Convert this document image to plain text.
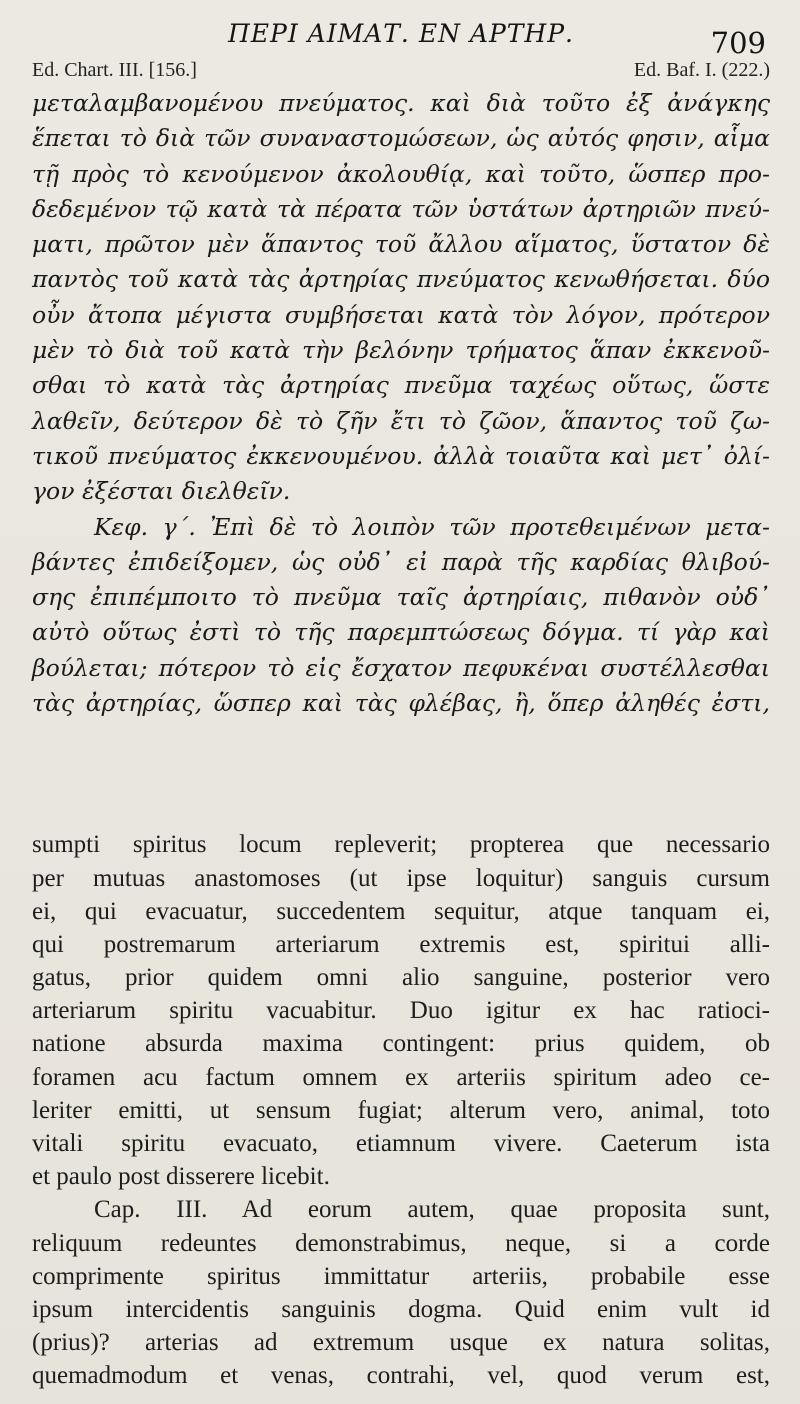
ΠΕΡΙ ΑΙΜΑΤ. ΕΝ ΑΡΤΗΡ.	709
Ed. Chart. III. [156.]	Ed. Baf. I. (222.)
μεταλαμβανομένου πνεύματος. καὶ διὰ τοῦτο ἐξ ἀνάγκης
ἕπεται τὸ διὰ τῶν συναναστομώσεων, ὡς αὐτός φησιν, αἷμα
τῇ πρὸς τὸ κενούμενον ἀκολουθίᾳ, καὶ τοῦτο, ὥσπερ προ-
δεδεμένον τῷ κατὰ τὰ πέρατα τῶν ὑστάτων ἀρτηριῶν πνεύ-
ματι, πρῶτον μὲν ἅπαντος τοῦ ἄλλου αἵματος, ὕστατον δὲ
παντὸς τοῦ κατὰ τὰς ἀρτηρίας πνεύματος κενωθήσεται. δύο
οὖν ἄτοπα μέγιστα συμβήσεται κατὰ τὸν λόγον, πρότερον
μὲν τὸ διὰ τοῦ κατὰ τὴν βελόνην τρήματος ἅπαν ἐκκενοῦ-
σθαι τὸ κατὰ τὰς ἀρτηρίας πνεῦμα ταχέως οὕτως, ὥστε
λαθεῖν, δεύτερον δὲ τὸ ζῆν ἔτι τὸ ζῶον, ἅπαντος τοῦ ζω-
τικοῦ πνεύματος ἐκκενουμένου. ἀλλὰ τοιαῦτα καὶ μετ᾽ ὀλί-
γον ἐξέσται διελθεῖν.
Κεφ. γ΄. Ἐπὶ δὲ τὸ λοιπὸν τῶν προτεθειμένων μετα-
βάντες ἐπιδείξομεν, ὡς οὐδ᾽ εἰ παρὰ τῆς καρδίας θλιβού-
σης ἐπιπέμποιτο τὸ πνεῦμα ταῖς ἀρτηρίαις, πιθανὸν οὐδ᾽
αὐτὸ οὕτως ἐστὶ τὸ τῆς παρεμπτώσεως δόγμα. τί γὰρ καὶ
βούλεται; πότερον τὸ εἰς ἔσχατον πεφυκέναι συστέλλεσθαι
τὰς ἀρτηρίας, ὥσπερ καὶ τὰς φλέβας, ἢ, ὅπερ ἀληθές ἐστι,
sumpti spiritus locum repleverit; propterea que necessario
per mutuas anastomoses (ut ipse loquitur) sanguis cursum
ei, qui evacuatur, succedentem sequitur, atque tanquam ei,
qui postremarum arteriarum extremis est, spiritui alli-
gatus, prior quidem omni alio sanguine, posterior vero
arteriarum spiritu vacuabitur. Duo igitur ex hac ratioci-
natione absurda maxima contingent: prius quidem, ob
foramen acu factum omnem ex arteriis spiritum adeo ce-
leriter emitti, ut sensum fugiat; alterum vero, animal, toto
vitali spiritu evacuato, etiamnum vivere. Caeterum ista
et paulo post disserere licebit.
Cap. III. Ad eorum autem, quae proposita sunt,
reliquum redeuntes demonstrabimus, neque, si a corde
comprimente spiritus immittatur arteriis, probabile esse
ipsum intercidentis sanguinis dogma. Quid enim vult id
(prius)? arterias ad extremum usque ex natura solitas,
quemadmodum et venas, contrahi, vel, quod verum est,
